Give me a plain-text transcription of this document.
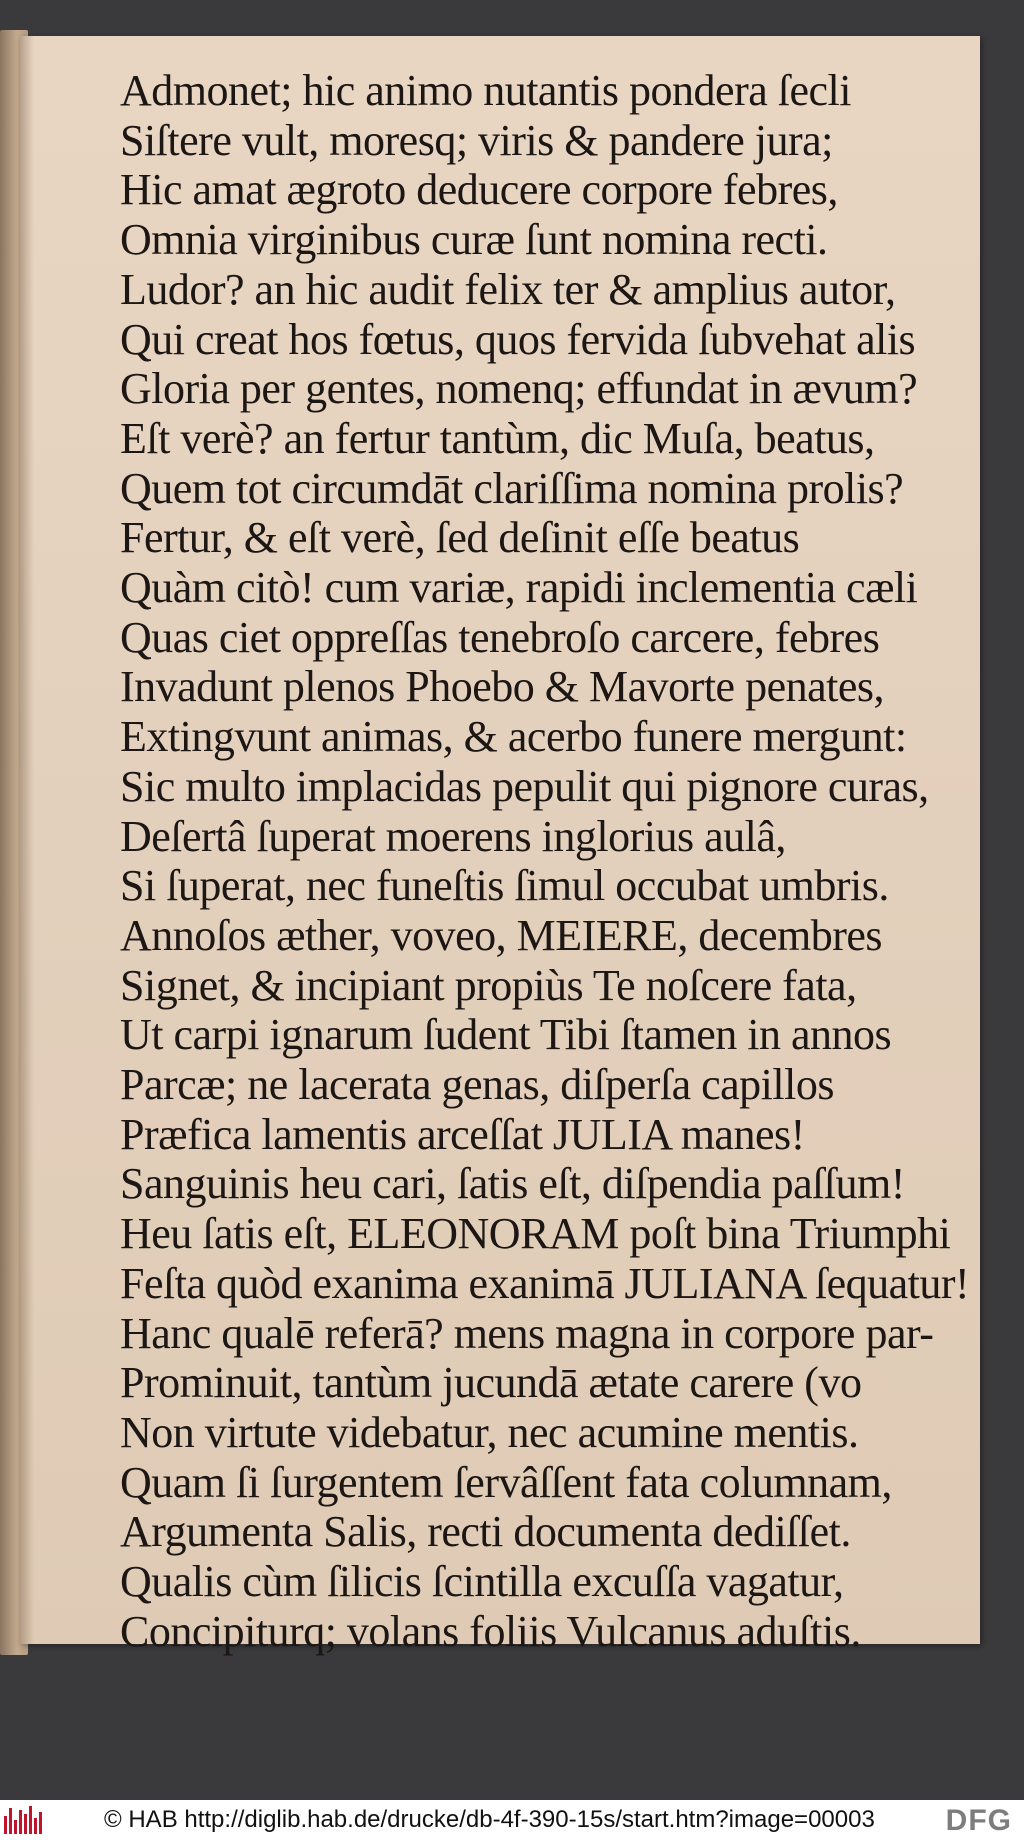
Admonet; hic animo nutantis pondera ſecli
Siſtere vult, moresq; viris & pandere jura;
Hic amat ægroto deducere corpore febres,
Omnia virginibus curæ ſunt nomina recti.
Ludor? an hic audit felix ter & amplius autor,
Qui creat hos fœtus, quos fervida ſubvehat alis
Gloria per gentes, nomenq; effundat in ævum?
Eſt verè? an fertur tantùm, dic Muſa, beatus,
Quem tot circumdāt clariſſima nomina prolis?
Fertur, & eſt verè, ſed deſinit eſſe beatus
Quàm citò! cum variæ, rapidi inclementia cæli
Quas ciet oppreſſas tenebroſo carcere, febres
Invadunt plenos Phoebo & Mavorte penates,
Extingvunt animas, & acerbo funere mergunt:
Sic multo implacidas pepulit qui pignore curas,
Deſertâ ſuperat moerens inglorius aulâ,
Si ſuperat, nec funeſtis ſimul occubat umbris.
Annoſos æther, voveo, MEIERE, decembres
Signet, & incipiant propiùs Te noſcere fata,
Ut carpi ignarum ſudent Tibi ſtamen in annos
Parcæ; ne lacerata genas, diſperſa capillos
Præfica lamentis arceſſat JULIA manes!
Sanguinis heu cari, ſatis eſt, diſpendia paſſum!
Heu ſatis eſt, ELEONORAM poſt bina Triumphi
Feſta quòd exanima exanimā JULIANA ſequatur!
Hanc qualē referā? mens magna in corpore par-
Prominuit, tantùm jucundā ætate carere (vo
Non virtute videbatur, nec acumine mentis.
Quam ſi ſurgentem ſervâſſent fata columnam,
Argumenta Salis, recti documenta dediſſet.
Qualis cùm ſilicis ſcintilla excuſſa vagatur,
Concipiturq; volans foliis Vulcanus aduſtis.
© HAB http://diglib.hab.de/drucke/db-4f-390-15s/start.htm?image=00003 DFG
